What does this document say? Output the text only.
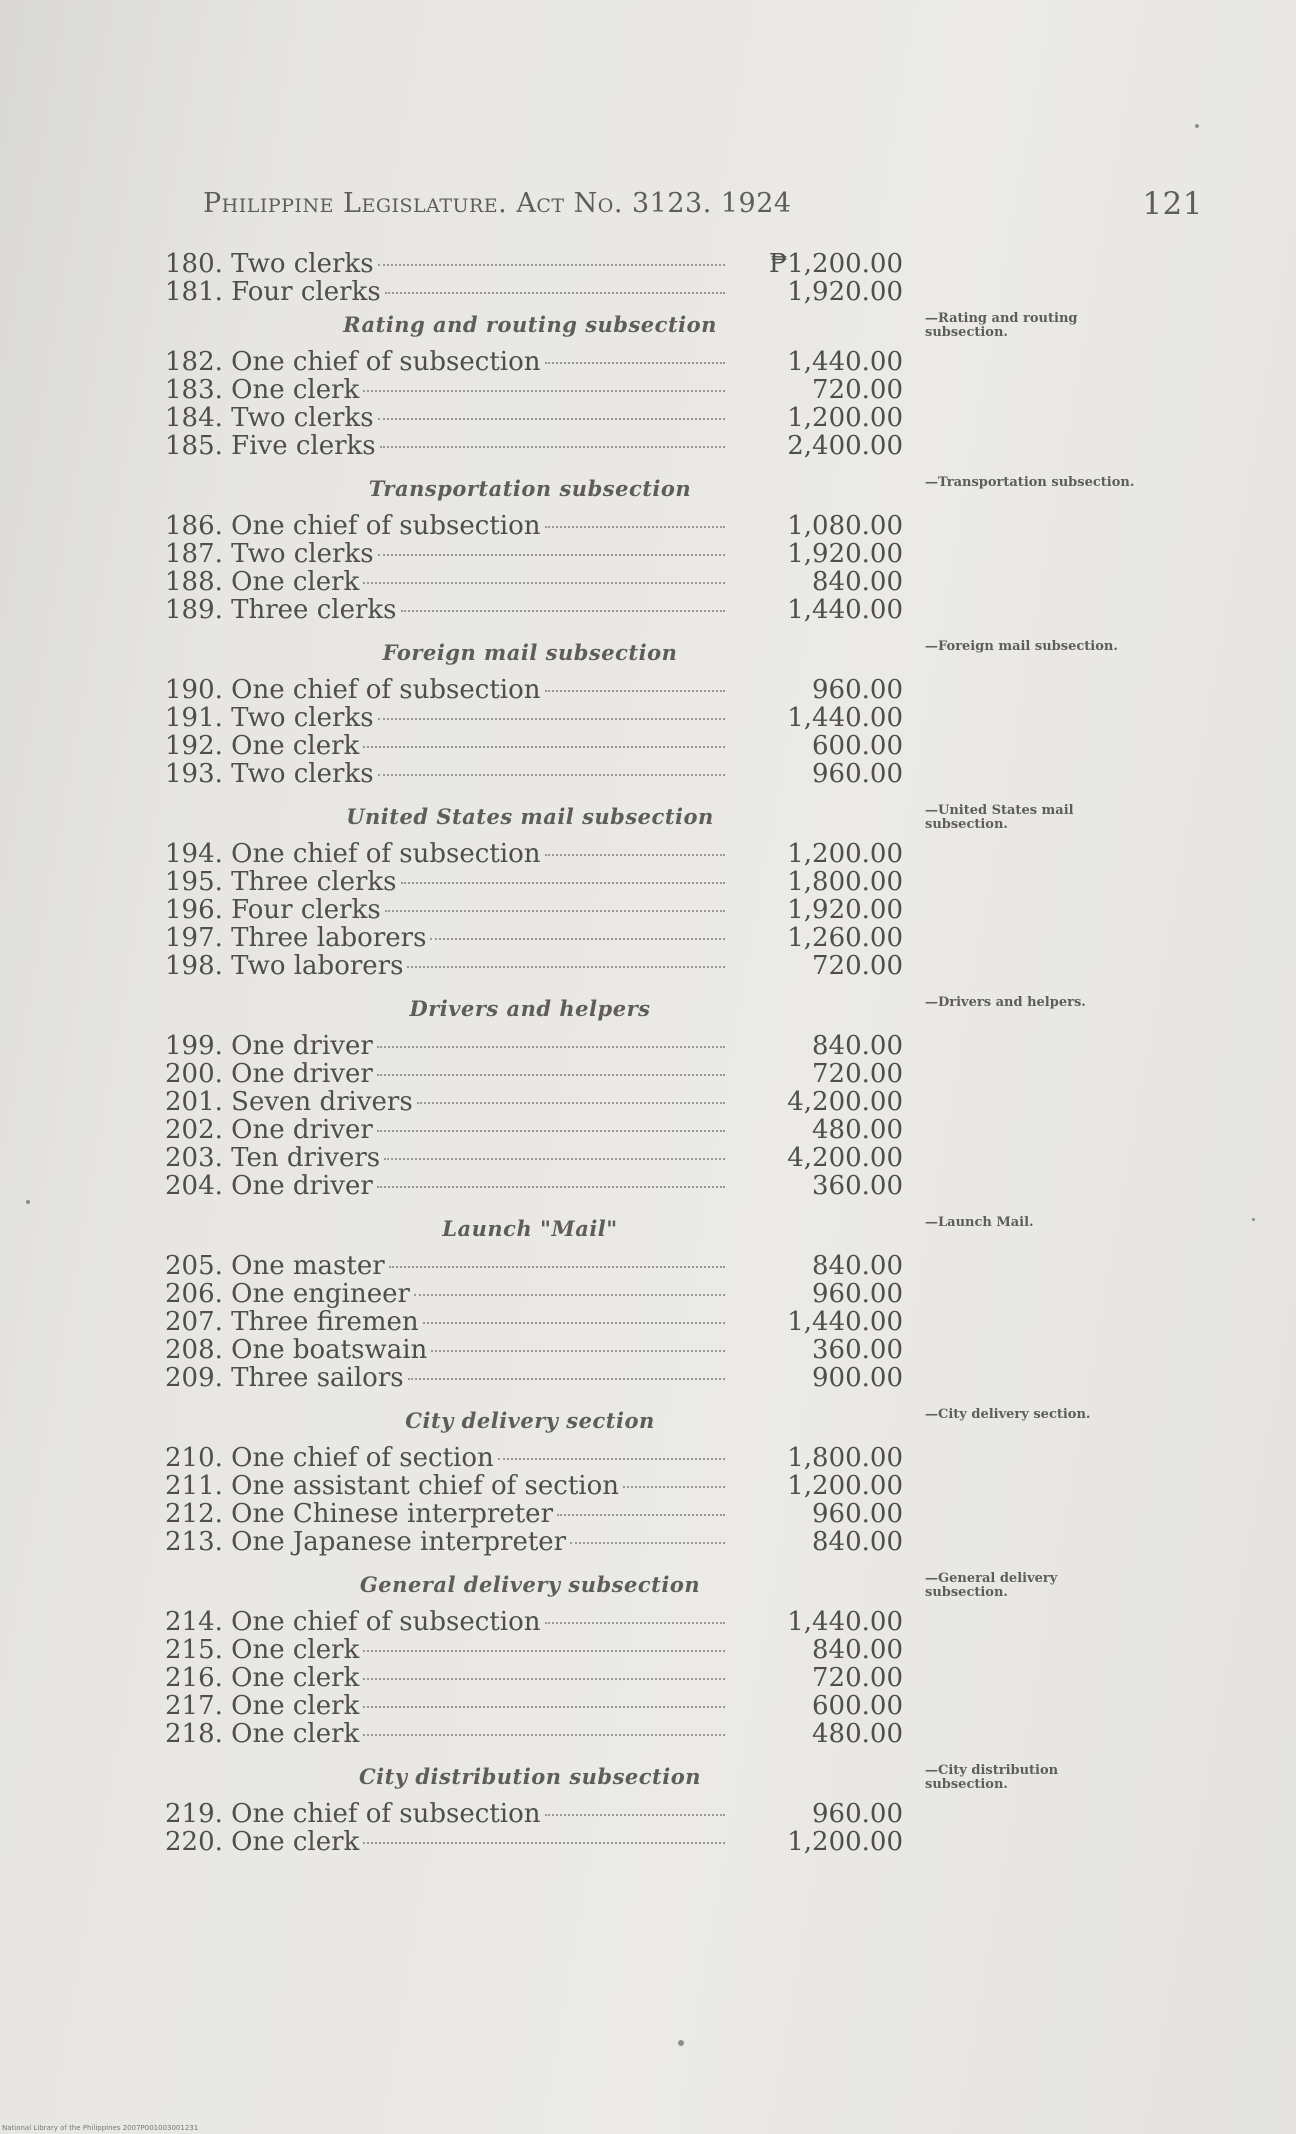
Philippine Legislature. Act No. 3123. 1924	121
180. Two clerks	₱1,200.00
181. Four clerks	1,920.00
Rating and routing subsection	—Rating and routing subsection.
182. One chief of subsection	1,440.00
183. One clerk	720.00
184. Two clerks	1,200.00
185. Five clerks	2,400.00
Transportation subsection	—Transportation subsection.
186. One chief of subsection	1,080.00
187. Two clerks	1,920.00
188. One clerk	840.00
189. Three clerks	1,440.00
Foreign mail subsection	—Foreign mail subsection.
190. One chief of subsection	960.00
191. Two clerks	1,440.00
192. One clerk	600.00
193. Two clerks	960.00
United States mail subsection	—United States mail subsection.
194. One chief of subsection	1,200.00
195. Three clerks	1,800.00
196. Four clerks	1,920.00
197. Three laborers	1,260.00
198. Two laborers	720.00
Drivers and helpers	—Drivers and helpers.
199. One driver	840.00
200. One driver	720.00
201. Seven drivers	4,200.00
202. One driver	480.00
203. Ten drivers	4,200.00
204. One driver	360.00
Launch "Mail"	—Launch Mail.
205. One master	840.00
206. One engineer	960.00
207. Three firemen	1,440.00
208. One boatswain	360.00
209. Three sailors	900.00
City delivery section	—City delivery section.
210. One chief of section	1,800.00
211. One assistant chief of section	1,200.00
212. One Chinese interpreter	960.00
213. One Japanese interpreter	840.00
General delivery subsection	—General delivery subsection.
214. One chief of subsection	1,440.00
215. One clerk	840.00
216. One clerk	720.00
217. One clerk	600.00
218. One clerk	480.00
City distribution subsection	—City distribution subsection.
219. One chief of subsection	960.00
220. One clerk	1,200.00
National Library of the Philippines 2007P001003001231
